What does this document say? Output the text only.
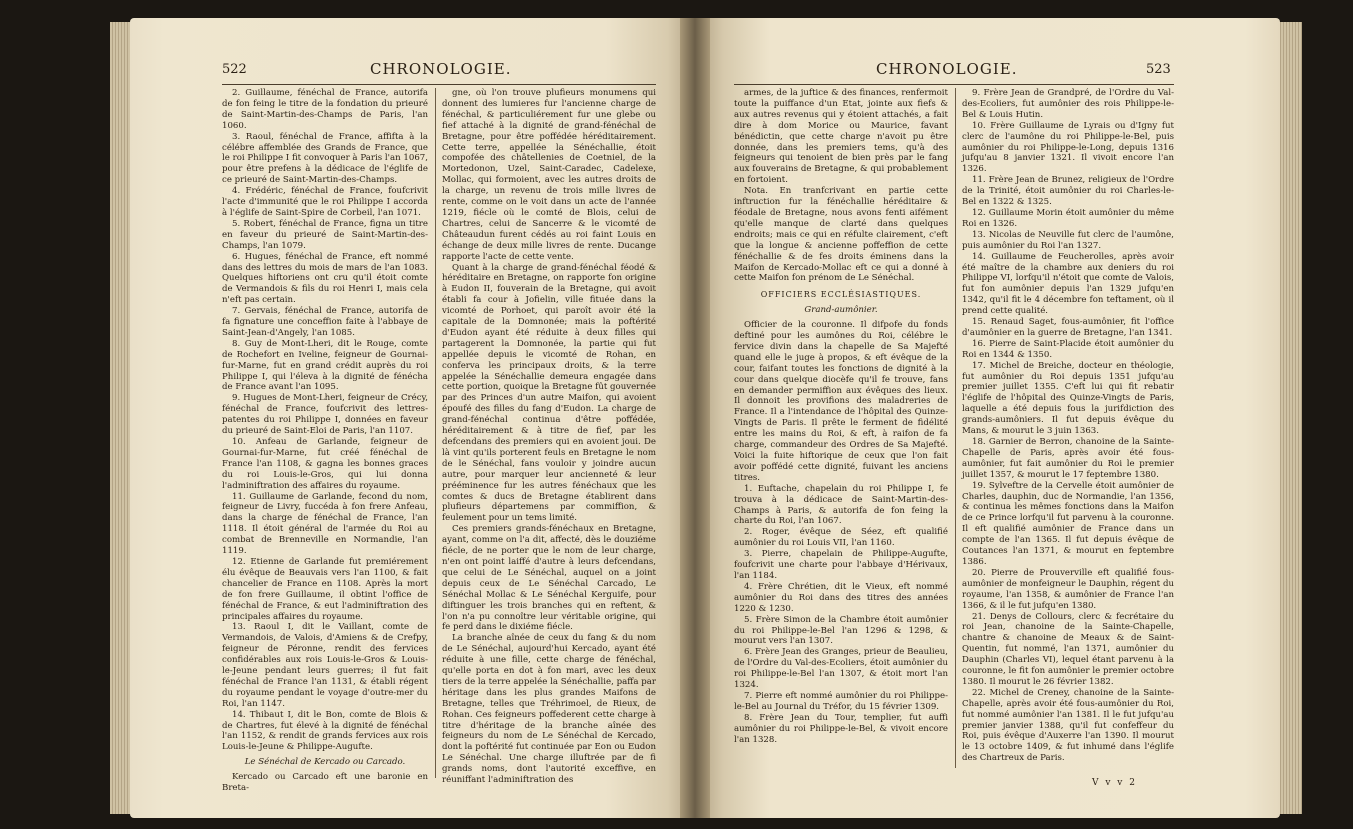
522	CHRONOLOGIE.

2. Guillaume, fénéchal de France, autorifa de fon feing le titre de la fondation du prieuré de Saint-Martin-des-Champs de Paris, l'an 1060.

3. Raoul, fénéchal de France, affifta à la célébre affemblée des Grands de France, que le roi Philippe I fit convoquer à Paris l'an 1067, pour être prefens à la dédicace de l'églife de ce prieuré de Saint-Martin-des-Champs.

4. Frédéric, fénéchal de France, foufcrivit l'acte d'immunité que le roi Philippe I accorda à l'églife de Saint-Spire de Corbeil, l'an 1071.

5. Robert, fénéchal de France, figna un titre en faveur du prieuré de Saint-Martin-des-Champs, l'an 1079.

6. Hugues, fénéchal de France, eft nommé dans des lettres du mois de mars de l'an 1083. Quelques hiftoriens ont cru qu'il étoit comte de Vermandois & fils du roi Henri I, mais cela n'eft pas certain.

7. Gervais, fénéchal de France, autorifa de fa fignature une conceffion faite à l'abbaye de Saint-Jean-d'Angely, l'an 1085.

8. Guy de Mont-Lheri, dit le Rouge, comte de Rochefort en Iveline, feigneur de Gournai-fur-Marne, fut en grand crédit auprès du roi Philippe I, qui l'éleva à la dignité de fénécha de France avant l'an 1095.

9. Hugues de Mont-Lheri, feigneur de Crécy, fénéchal de France, foufcrivit des lettres-patentes du roi Philippe I, données en faveur du prieuré de Saint-Eloi de Paris, l'an 1107.

10. Anfeau de Garlande, feigneur de Gournai-fur-Marne, fut créé fénéchal de France l'an 1108, & gagna les bonnes graces du roi Louis-le-Gros, qui lui donna l'adminiftration des affaires du royaume.

11. Guillaume de Garlande, fecond du nom, feigneur de Livry, fuccéda à fon frere Anfeau, dans la charge de fénéchal de France, l'an 1118. Il étoit général de l'armée du Roi au combat de Brenneville en Normandie, l'an 1119.

12. Etienne de Garlande fut premiérement élu évêque de Beauvais vers l'an 1100, & fait chancelier de France en 1108. Après la mort de fon frere Guillaume, il obtint l'office de fénéchal de France, & eut l'adminiftration des principales affaires du royaume.

13. Raoul I, dit le Vaillant, comte de Vermandois, de Valois, d'Amiens & de Crefpy, feigneur de Péronne, rendit des fervices confidérables aux rois Louis-le-Gros & Louis-le-Jeune pendant leurs guerres; il fut fait fénéchal de France l'an 1131, & établi régent du royaume pendant le voyage d'outre-mer du Roi, l'an 1147.

14. Thibaut I, dit le Bon, comte de Blois & de Chartres, fut élevé à la dignité de fénéchal l'an 1152, & rendit de grands fervices aux rois Louis-le-Jeune & Philippe-Augufte.

Le Sénéchal de Kercado ou Carcado.

Kercado ou Carcado eft une baronie en Breta-

gne, où l'on trouve plufieurs monumens qui donnent des lumieres fur l'ancienne charge de fénéchal, & particuliérement fur une glebe ou fief attaché à la dignité de grand-fénéchal de Bretagne, pour être poffédée héréditairement. Cette terre, appellée la Sénéchallie, étoit compofée des châtellenies de Coetniel, de la Mortedonon, Uzel, Saint-Caradec, Cadelexe, Mollac, qui formoient, avec les autres droits de la charge, un revenu de trois mille livres de rente, comme on le voit dans un acte de l'année 1219, fiécle où le comté de Blois, celui de Chartres, celui de Sancerre & le vicomté de Châteaudun furent cédés au roi faint Louis en échange de deux mille livres de rente. Ducange rapporte l'acte de cette vente.

Quant à la charge de grand-fénéchal féodé & héréditaire en Bretagne, on rapporte fon origine à Eudon II, fouverain de la Bretagne, qui avoit établi fa cour à Jofielin, ville fituée dans la vicomté de Porhoet, qui paroît avoir été la capitale de la Domnonée; mais la poftérité d'Eudon ayant été réduite à deux filles qui partagerent la Domnonée, la partie qui fut appellée depuis le vicomté de Rohan, en conferva les principaux droits, & la terre appelée la Sénéchallie demeura engagée dans cette portion, quoique la Bretagne fût gouvernée par des Princes d'un autre Maifon, qui avoient époufé des filles du fang d'Eudon. La charge de grand-fénéchal continua d'être poffédée, héréditairement & à titre de fief, par les defcendans des premiers qui en avoient joui. De là vint qu'ils porterent feuls en Bretagne le nom de le Sénéchal, fans vouloir y joindre aucun autre, pour marquer leur ancienneté & leur prééminence fur les autres fénéchaux que les comtes & ducs de Bretagne établirent dans plufieurs départemens par commiffion, & feulement pour un tems limité.

Ces premiers grands-fénéchaux en Bretagne, ayant, comme on l'a dit, affecté, dès le douziéme fiécle, de ne porter que le nom de leur charge, n'en ont point laiffé d'autre à leurs defcendans, que celui de Le Sénéchal, auquel on a joint depuis ceux de Le Sénéchal Carcado, Le Sénéchal Mollac & Le Sénéchal Kerguife, pour diftinguer les trois branches qui en reftent, & l'on n'a pu connoître leur véritable origine, qui fe perd dans le dixiéme fiécle.

La branche aînée de ceux du fang & du nom de Le Sénéchal, aujourd'hui Kercado, ayant été réduite à une fille, cette charge de fénéchal, qu'elle porta en dot à fon mari, avec les deux tiers de la terre appelée la Sénéchallie, paffa par héritage dans les plus grandes Maifons de Bretagne, telles que Tréhrimoel, de Rieux, de Rohan. Ces feigneurs poffederent cette charge à titre d'héritage de la branche aînée des feigneurs du nom de Le Sénéchal de Kercado, dont la poftérité fut continuée par Eon ou Eudon Le Sénéchal. Une charge illuftrée par de fi grands noms, dont l'autorité exceffive, en réuniffant l'adminiftration des

CHRONOLOGIE.	523

armes, de la juftice & des finances, renfermoit toute la puiffance d'un Etat, jointe aux fiefs & aux autres revenus qui y étoient attachés, a fait dire à dom Morice ou Maurice, favant bénédictin, que cette charge n'avoit pu être donnée, dans les premiers tems, qu'à des feigneurs qui tenoient de bien près par le fang aux fouverains de Bretagne, & qui probablement en fortoient.

Nota. En tranfcrivant en partie cette inftruction fur la fénéchallie héréditaire & féodale de Bretagne, nous avons fenti aifément qu'elle manque de clarté dans quelques endroits; mais ce qui en réfulte clairement, c'eft que la longue & ancienne poffeffion de cette fénéchallie & de fes droits éminens dans la Maifon de Kercado-Mollac eft ce qui a donné à cette Maifon fon prénom de Le Sénéchal.

OFFICIERS ECCLÉSIASTIQUES.

Grand-aumônier.

Officier de la couronne. Il difpofe du fonds deftiné pour les aumônes du Roi, célébre le fervice divin dans la chapelle de Sa Majefté quand elle le juge à propos, & eft évêque de la cour, faifant toutes les fonctions de dignité à la cour dans quelque diocèfe qu'il fe trouve, fans en demander permiffion aux évêques des lieux. Il donnoit les provifions des maladreries de France. Il a l'intendance de l'hôpital des Quinze-Vingts de Paris. Il prête le ferment de fidélité entre les mains du Roi, & eft, à raifon de fa charge, commandeur des Ordres de Sa Majefté. Voici la fuite hiftorique de ceux que l'on fait avoir poffédé cette dignité, fuivant les anciens titres.

1. Euftache, chapelain du roi Philippe I, fe trouva à la dédicace de Saint-Martin-des-Champs à Paris, & autorifa de fon feing la charte du Roi, l'an 1067.

2. Roger, évêque de Séez, eft qualifié aumônier du roi Louis VII, l'an 1160.

3. Pierre, chapelain de Philippe-Augufte, foufcrivit une charte pour l'abbaye d'Hérivaux, l'an 1184.

4. Frère Chrétien, dit le Vieux, eft nommé aumônier du Roi dans des titres des années 1220 & 1230.

5. Frère Simon de la Chambre étoit aumônier du roi Philippe-le-Bel l'an 1296 & 1298, & mourut vers l'an 1307.

6. Frère Jean des Granges, prieur de Beaulieu, de l'Ordre du Val-des-Ecoliers, étoit aumônier du roi Philippe-le-Bel l'an 1307, & étoit mort l'an 1324.

7. Pierre eft nommé aumônier du roi Philippe-le-Bel au Journal du Tréfor, du 15 février 1309.

8. Frère Jean du Tour, templier, fut auffi aumônier du roi Philippe-le-Bel, & vivoit encore l'an 1328.

9. Frère Jean de Grandpré, de l'Ordre du Val-des-Ecoliers, fut aumônier des rois Philippe-le-Bel & Louis Hutin.

10. Frère Guillaume de Lyrais ou d'Igny fut clerc de l'aumône du roi Philippe-le-Bel, puis aumônier du roi Philippe-le-Long, depuis 1316 jufqu'au 8 janvier 1321. Il vivoit encore l'an 1326.

11. Frère Jean de Brunez, religieux de l'Ordre de la Trinité, étoit aumônier du roi Charles-le-Bel en 1322 & 1325.

12. Guillaume Morin étoit aumônier du même Roi en 1326.

13. Nicolas de Neuville fut clerc de l'aumône, puis aumônier du Roi l'an 1327.

14. Guillaume de Feucherolles, après avoir été maître de la chambre aux deniers du roi Philippe VI, lorfqu'il n'étoit que comte de Valois, fut fon aumônier depuis l'an 1329 jufqu'en 1342, qu'il fit le 4 décembre fon teftament, où il prend cette qualité.

15. Renaud Saget, fous-aumônier, fit l'office d'aumônier en la guerre de Bretagne, l'an 1341.

16. Pierre de Saint-Placide étoit aumônier du Roi en 1344 & 1350.

17. Michel de Breiche, docteur en théologie, fut aumônier du Roi depuis 1351 jufqu'au premier juillet 1355. C'eft lui qui fit rebatir l'églife de l'hôpital des Quinze-Vingts de Paris, laquelle a été depuis fous la jurifdiction des grands-aumôniers. Il fut depuis évêque du Mans, & mourut le 3 juin 1363.

18. Garnier de Berron, chanoine de la Sainte-Chapelle de Paris, après avoir été fous-aumônier, fut fait aumônier du Roi le premier juillet 1357, & mourut le 17 feptembre 1380.

19. Sylveftre de la Cervelle étoit aumônier de Charles, dauphin, duc de Normandie, l'an 1356, & continua les mêmes fonctions dans la Maifon de ce Prince lorfqu'il fut parvenu à la couronne. Il eft qualifié aumônier de France dans un compte de l'an 1365. Il fut depuis évêque de Coutances l'an 1371, & mourut en feptembre 1386.

20. Pierre de Prouverville eft qualifié fous-aumônier de monfeigneur le Dauphin, régent du royaume, l'an 1358, & aumônier de France l'an 1366, & il le fut jufqu'en 1380.

21. Denys de Collours, clerc & fecrétaire du roi Jean, chanoine de la Sainte-Chapelle, chantre & chanoine de Meaux & de Saint-Quentin, fut nommé, l'an 1371, aumônier du Dauphin (Charles VI), lequel étant parvenu à la couronne, le fit fon aumônier le premier octobre 1380. Il mourut le 26 février 1382.

22. Michel de Creney, chanoine de la Sainte-Chapelle, après avoir été fous-aumônier du Roi, fut nommé aumônier l'an 1381. Il le fut jufqu'au premier janvier 1388, qu'il fut confeffeur du Roi, puis évêque d'Auxerre l'an 1390. Il mourut le 13 octobre 1409, & fut inhumé dans l'églife des Chartreux de Paris.

V v v 2
